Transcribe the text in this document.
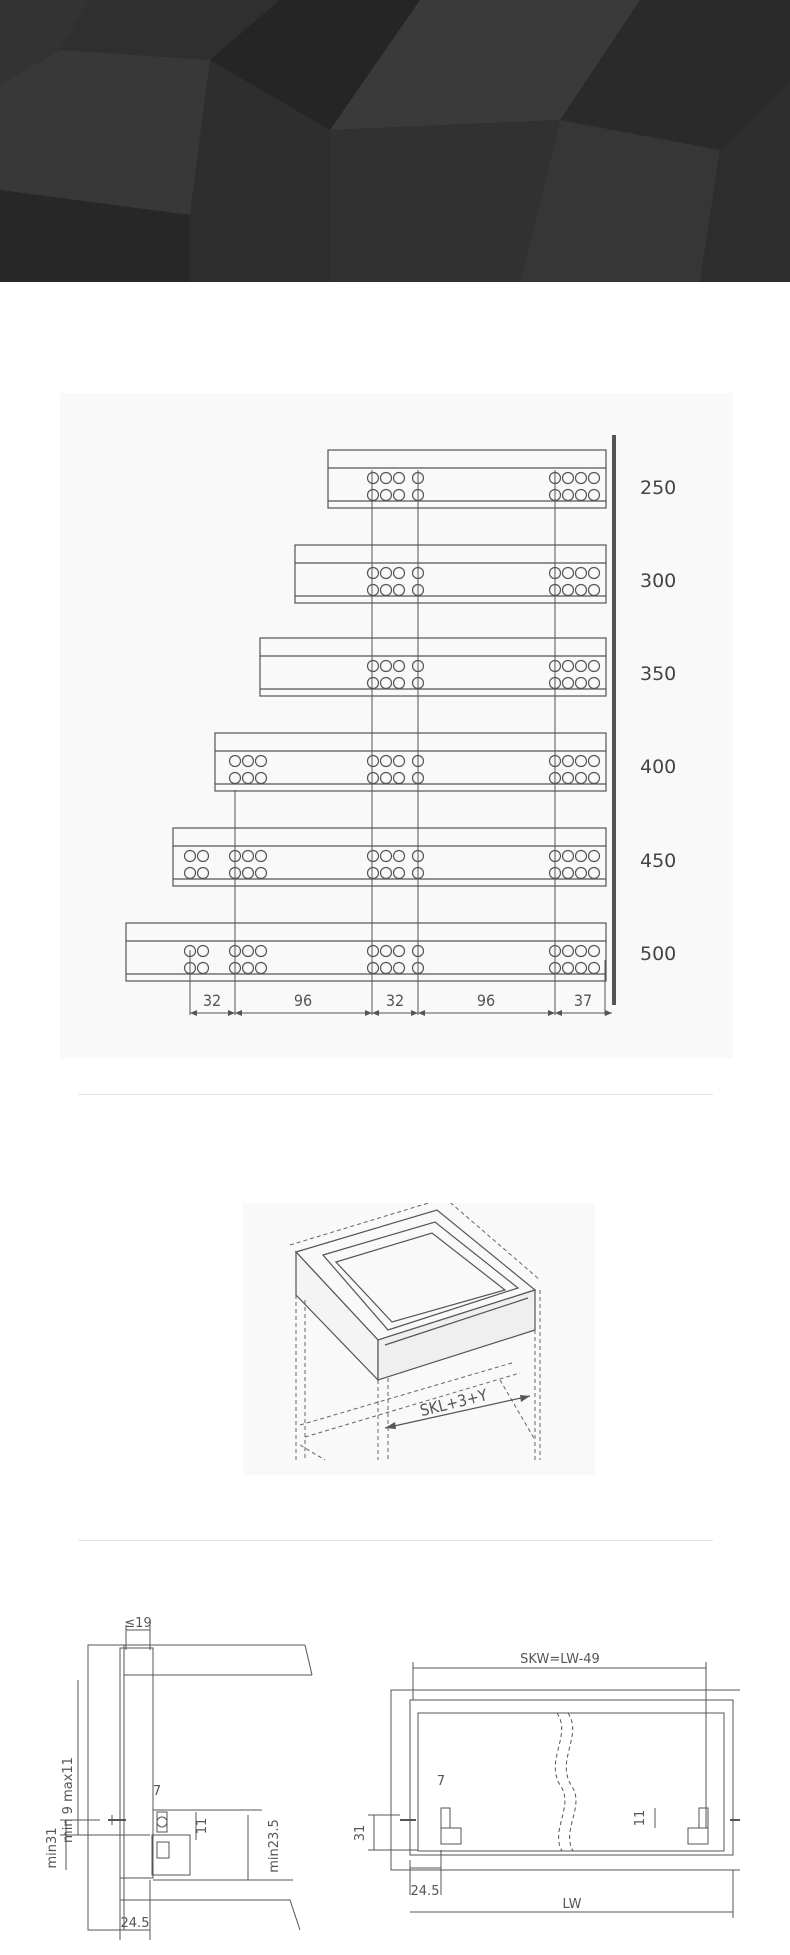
250
300
350
400
450
500
32	96	32	96	37
SKL+3+Y
≤19
min 9 max11
min31
7
11	min23.5
24.5
SKW=LW-49
31
7
11
24.5
LW
